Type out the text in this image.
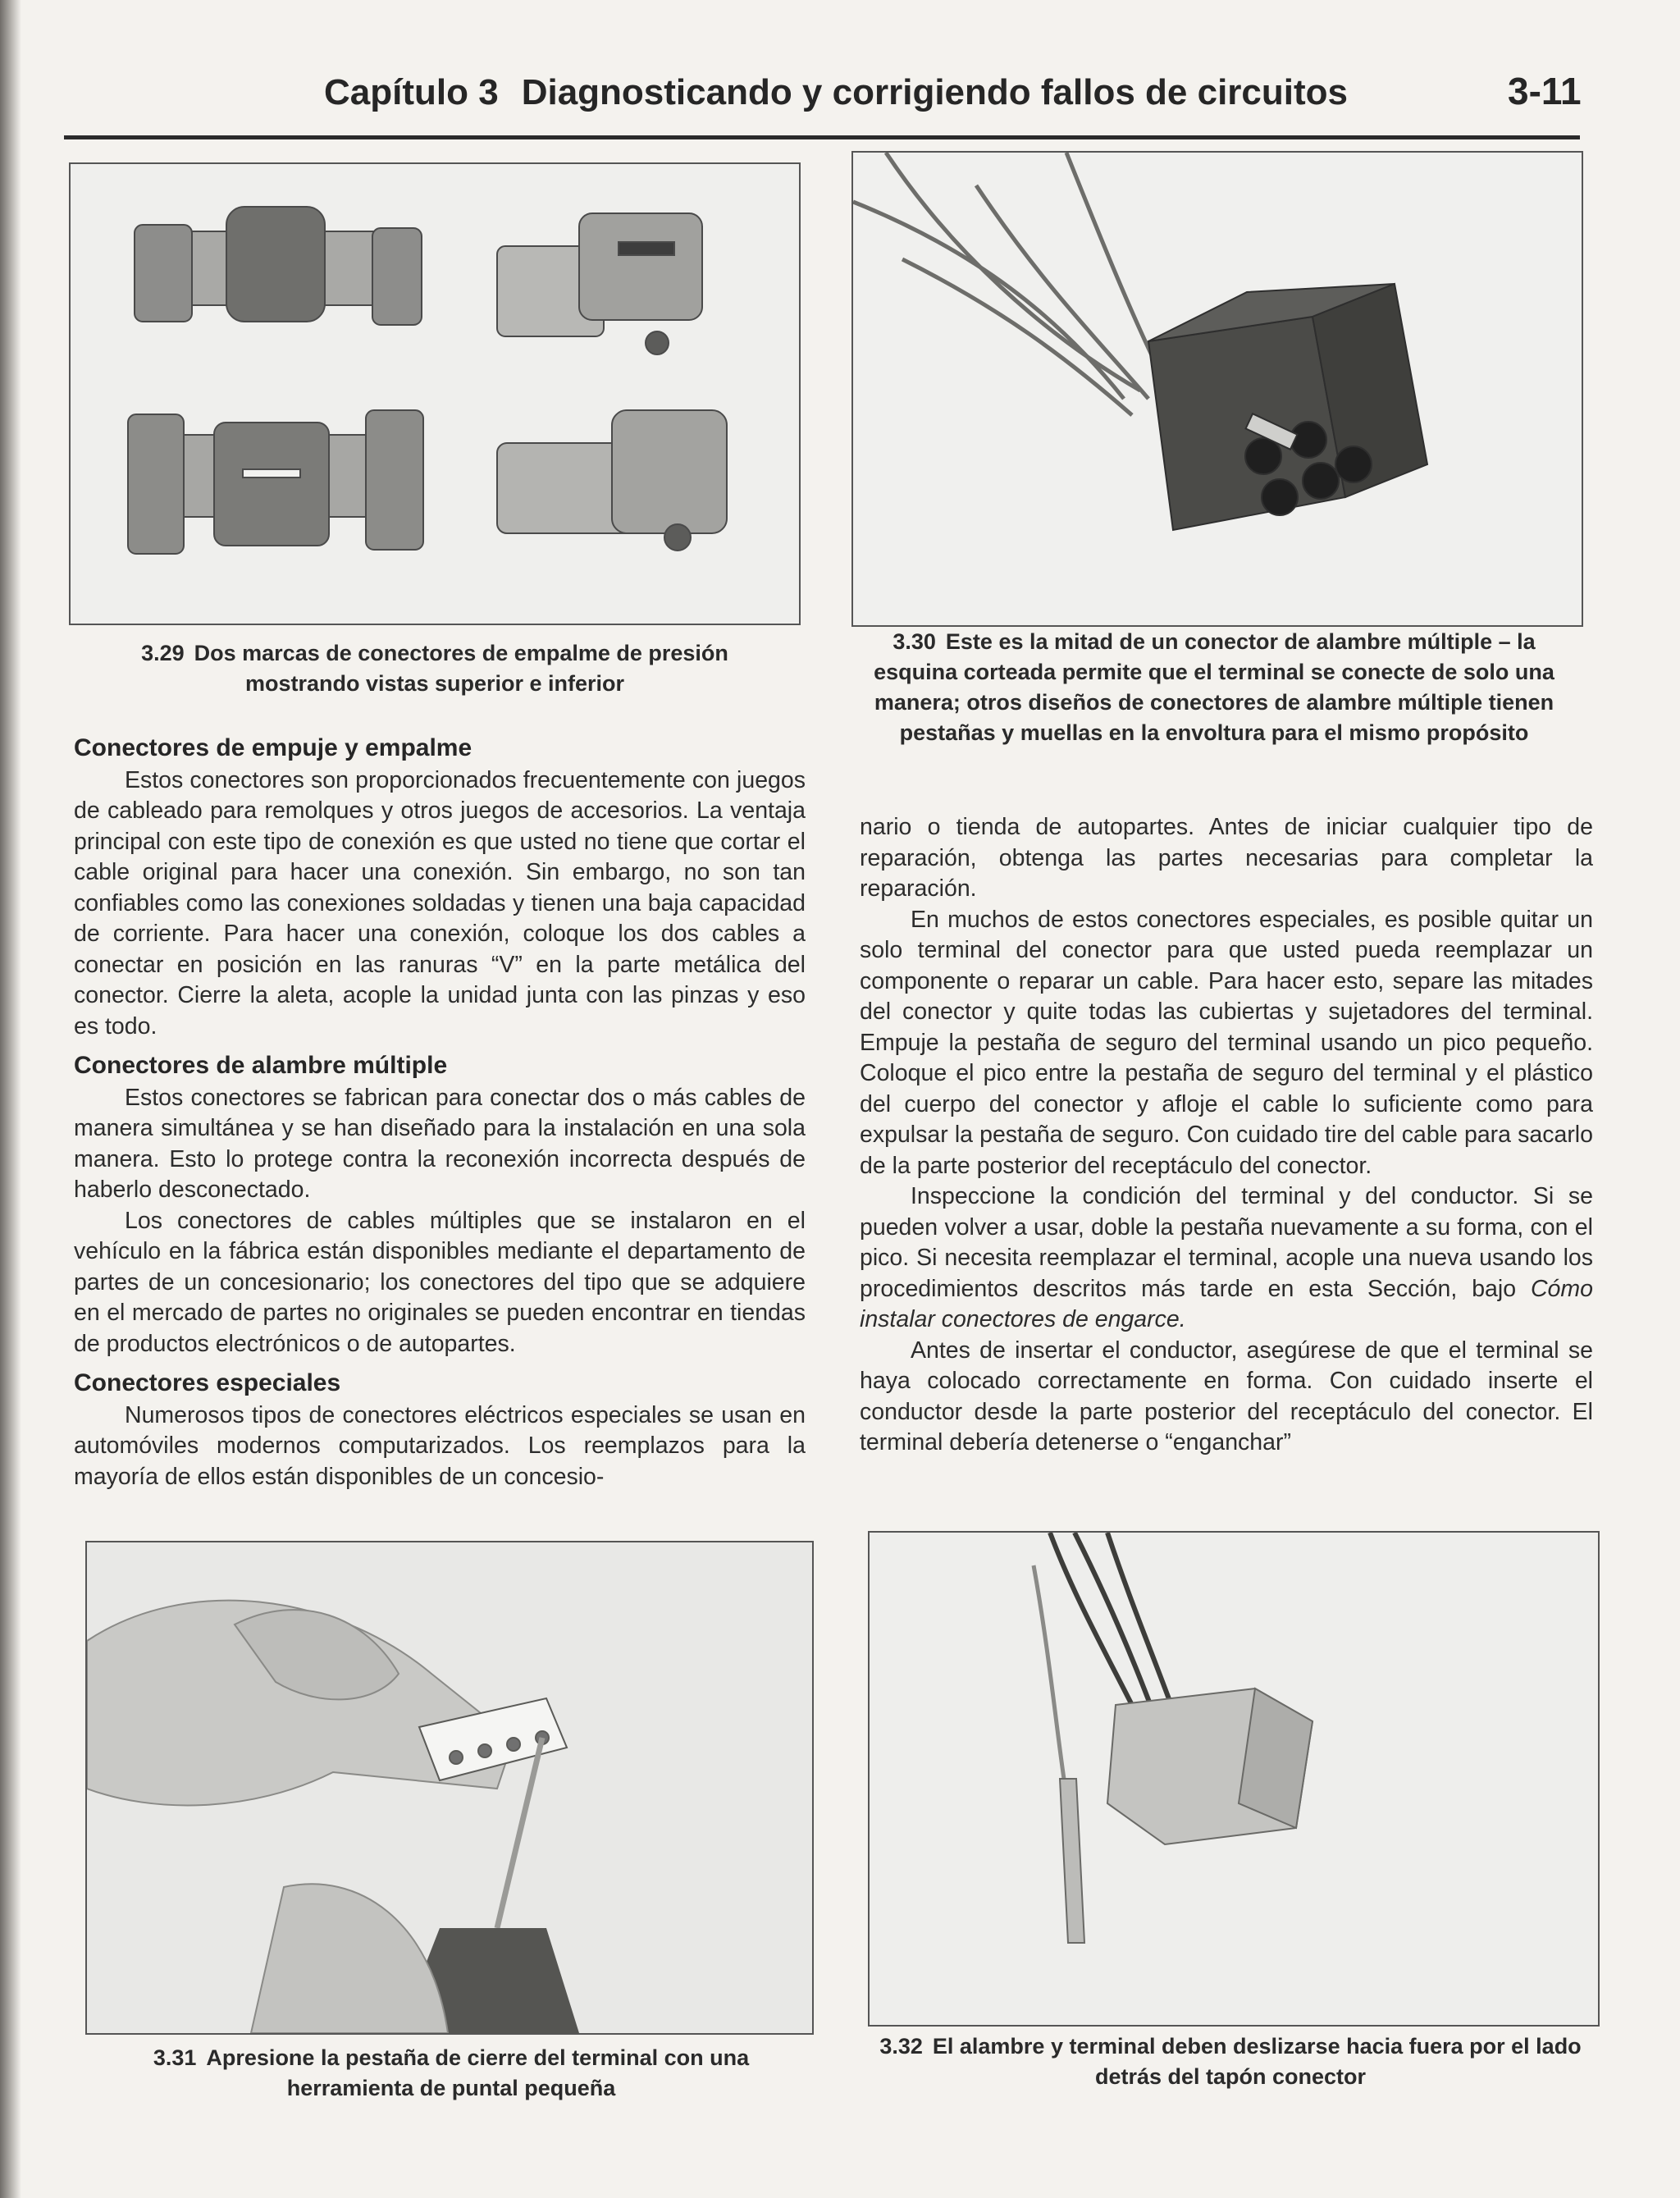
Capítulo 3 Diagnosticando y corrigiendo fallos de circuitos	3-11
3.29 Dos marcas de conectores de empalme de presión mostrando vistas superior e inferior
3.30 Este es la mitad de un conector de alambre múltiple – la esquina corteada permite que el terminal se conecte de solo una manera; otros diseños de conectores de alambre múltiple tienen pestañas y muellas en la envoltura para el mismo propósito
Conectores de empuje y empalme

Estos conectores son proporcionados frecuentemente con juegos de cableado para remolques y otros juegos de accesorios. La ventaja principal con este tipo de conexión es que usted no tiene que cortar el cable original para hacer una conexión. Sin embargo, no son tan confiables como las conexiones soldadas y tienen una baja capacidad de corriente. Para hacer una conexión, coloque los dos cables a conectar en posición en las ranuras “V” en la parte metálica del conector. Cierre la aleta, acople la unidad junta con las pinzas y eso es todo.

Conectores de alambre múltiple

Estos conectores se fabrican para conectar dos o más cables de manera simultánea y se han diseñado para la instalación en una sola manera. Esto lo protege contra la reconexión incorrecta después de haberlo desconectado.

Los conectores de cables múltiples que se instalaron en el vehículo en la fábrica están disponibles mediante el departamento de partes de un concesionario; los conectores del tipo que se adquiere en el mercado de partes no originales se pueden encontrar en tiendas de productos electrónicos o de autopartes.

Conectores especiales

Numerosos tipos de conectores eléctricos especiales se usan en automóviles modernos computarizados. Los reemplazos para la mayoría de ellos están disponibles de un concesio-

nario o tienda de autopartes. Antes de iniciar cualquier tipo de reparación, obtenga las partes necesarias para completar la reparación.

En muchos de estos conectores especiales, es posible quitar un solo terminal del conector para que usted pueda reemplazar un componente o reparar un cable. Para hacer esto, separe las mitades del conector y quite todas las cubiertas y sujetadores del terminal. Empuje la pestaña de seguro del terminal usando un pico pequeño. Coloque el pico entre la pestaña de seguro del terminal y el plástico del cuerpo del conector y afloje el cable lo suficiente como para expulsar la pestaña de seguro. Con cuidado tire del cable para sacarlo de la parte posterior del receptáculo del conector.

Inspeccione la condición del terminal y del conductor. Si se pueden volver a usar, doble la pestaña nuevamente a su forma, con el pico. Si necesita reemplazar el terminal, acople una nueva usando los procedimientos descritos más tarde en esta Sección, bajo Cómo instalar conectores de engarce.

Antes de insertar el conductor, asegúrese de que el terminal se haya colocado correctamente en forma. Con cuidado inserte el conductor desde la parte posterior del receptáculo del conector. El terminal debería detenerse o “enganchar”

3.31 Apresione la pestaña de cierre del terminal con una herramienta de puntal pequeña
3.32 El alambre y terminal deben deslizarse hacia fuera por el lado detrás del tapón conector
